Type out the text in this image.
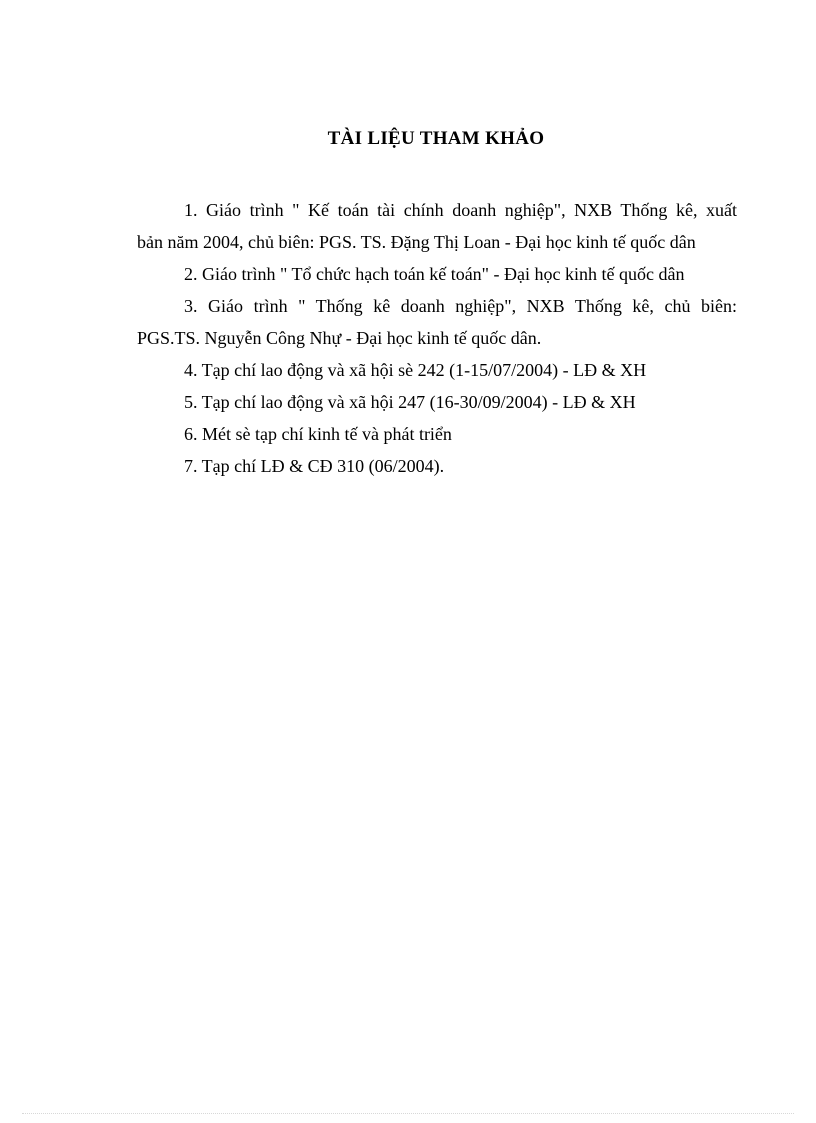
TÀI LIỆU THAM KHẢO

1. Giáo trình " Kế toán tài chính doanh nghiệp", NXB Thống kê, xuất bản năm 2004, chủ biên: PGS. TS. Đặng Thị Loan - Đại học kinh tế quốc dân

2. Giáo trình " Tổ chức hạch toán kế toán" - Đại học kinh tế quốc dân

3. Giáo trình " Thống kê doanh nghiệp", NXB Thống kê, chủ biên: PGS.TS. Nguyễn Công Nhự - Đại học kinh tế quốc dân.

4. Tạp chí lao động và xã hội sè 242 (1-15/07/2004) - LĐ & XH

5. Tạp chí lao động và xã hội 247 (16-30/09/2004) - LĐ & XH

6. Mét sè tạp chí kinh tế và phát triển

7. Tạp chí LĐ & CĐ 310 (06/2004).
